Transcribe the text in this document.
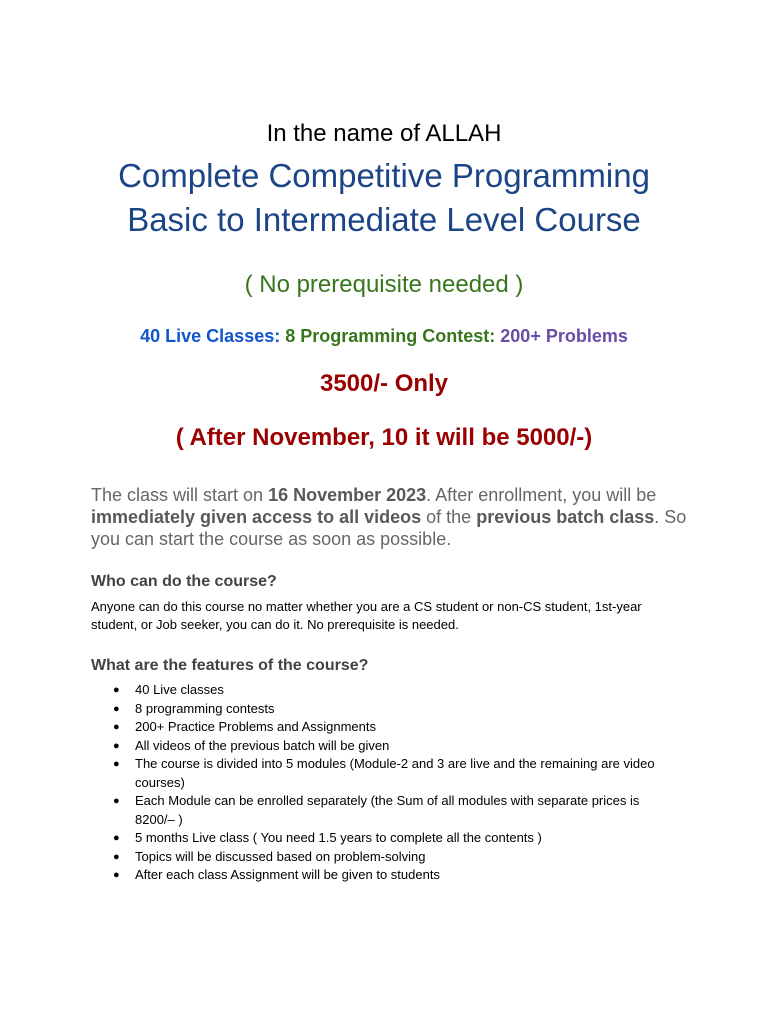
In the name of ALLAH
Complete Competitive Programming
Basic to Intermediate Level Course
( No prerequisite needed )
40 Live Classes: 8 Programming Contest: 200+ Problems
3500/- Only
( After November, 10 it will be 5000/-)

The class will start on 16 November 2023. After enrollment, you will be immediately given access to all videos of the previous batch class. So you can start the course as soon as possible.

Who can do the course?

Anyone can do this course no matter whether you are a CS student or non-CS student, 1st-year student, or Job seeker, you can do it. No prerequisite is needed.

What are the features of the course?
● 40 Live classes
● 8 programming contests
● 200+ Practice Problems and Assignments
● All videos of the previous batch will be given
● The course is divided into 5 modules (Module-2 and 3 are live and the remaining are video courses)
● Each Module can be enrolled separately (the Sum of all modules with separate prices is 8200/– )
● 5 months Live class ( You need 1.5 years to complete all the contents )
● Topics will be discussed based on problem-solving
● After each class Assignment will be given to students
